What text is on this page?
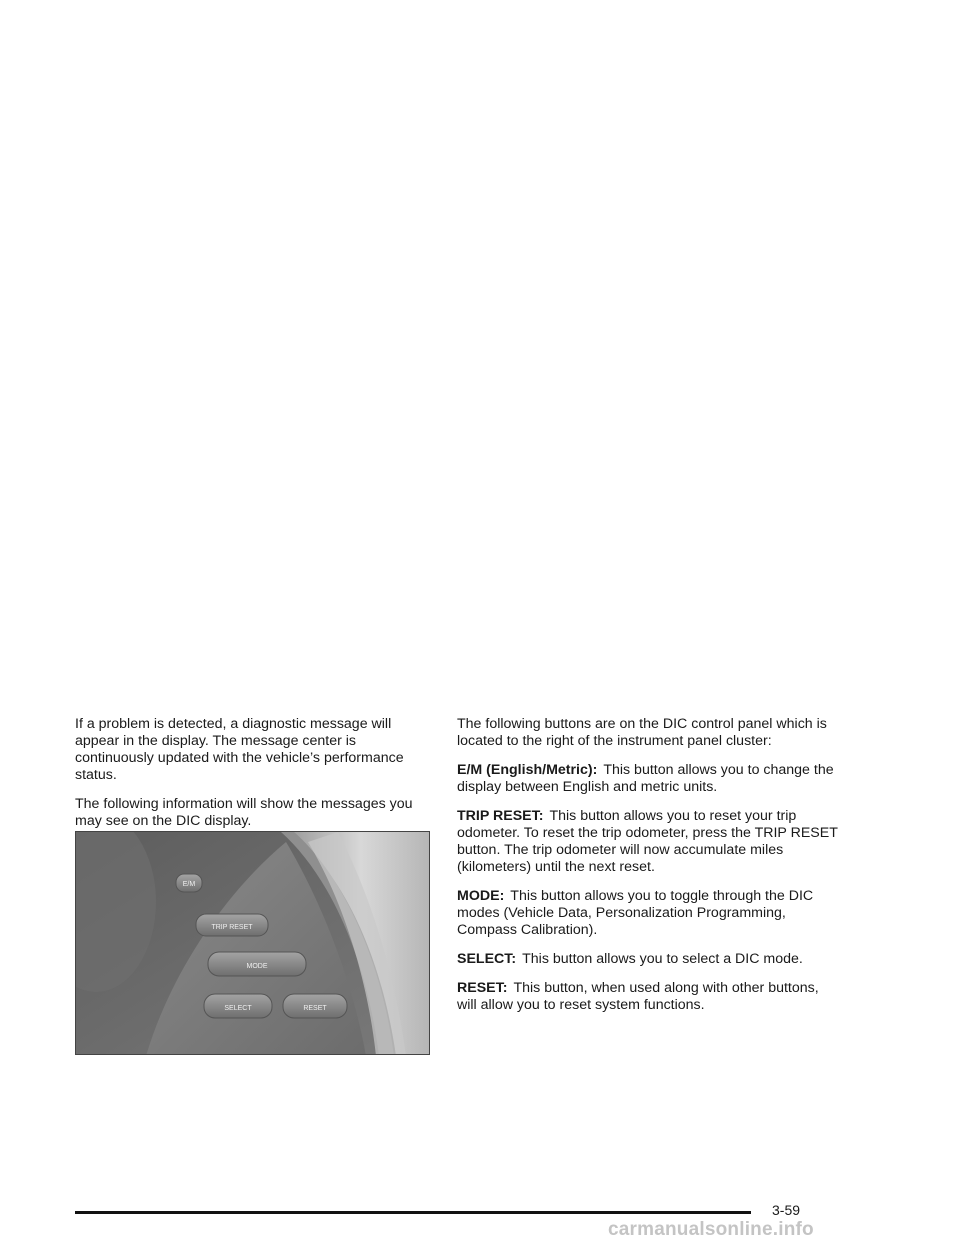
If a problem is detected, a diagnostic message will appear in the display. The message center is continuously updated with the vehicle’s performance status.

The following information will show the messages you may see on the DIC display.

E/M
TRIP RESET
MODE
SELECT	RESET

The following buttons are on the DIC control panel which is located to the right of the instrument panel cluster:

E/M (English/Metric): This button allows you to change the display between English and metric units.

TRIP RESET: This button allows you to reset your trip odometer. To reset the trip odometer, press the TRIP RESET button. The trip odometer will now accumulate miles (kilometers) until the next reset.

MODE: This button allows you to toggle through the DIC modes (Vehicle Data, Personalization Programming, Compass Calibration).

SELECT: This button allows you to select a DIC mode.

RESET: This button, when used along with other buttons, will allow you to reset system functions.

3-59
carmanualsonline.info
